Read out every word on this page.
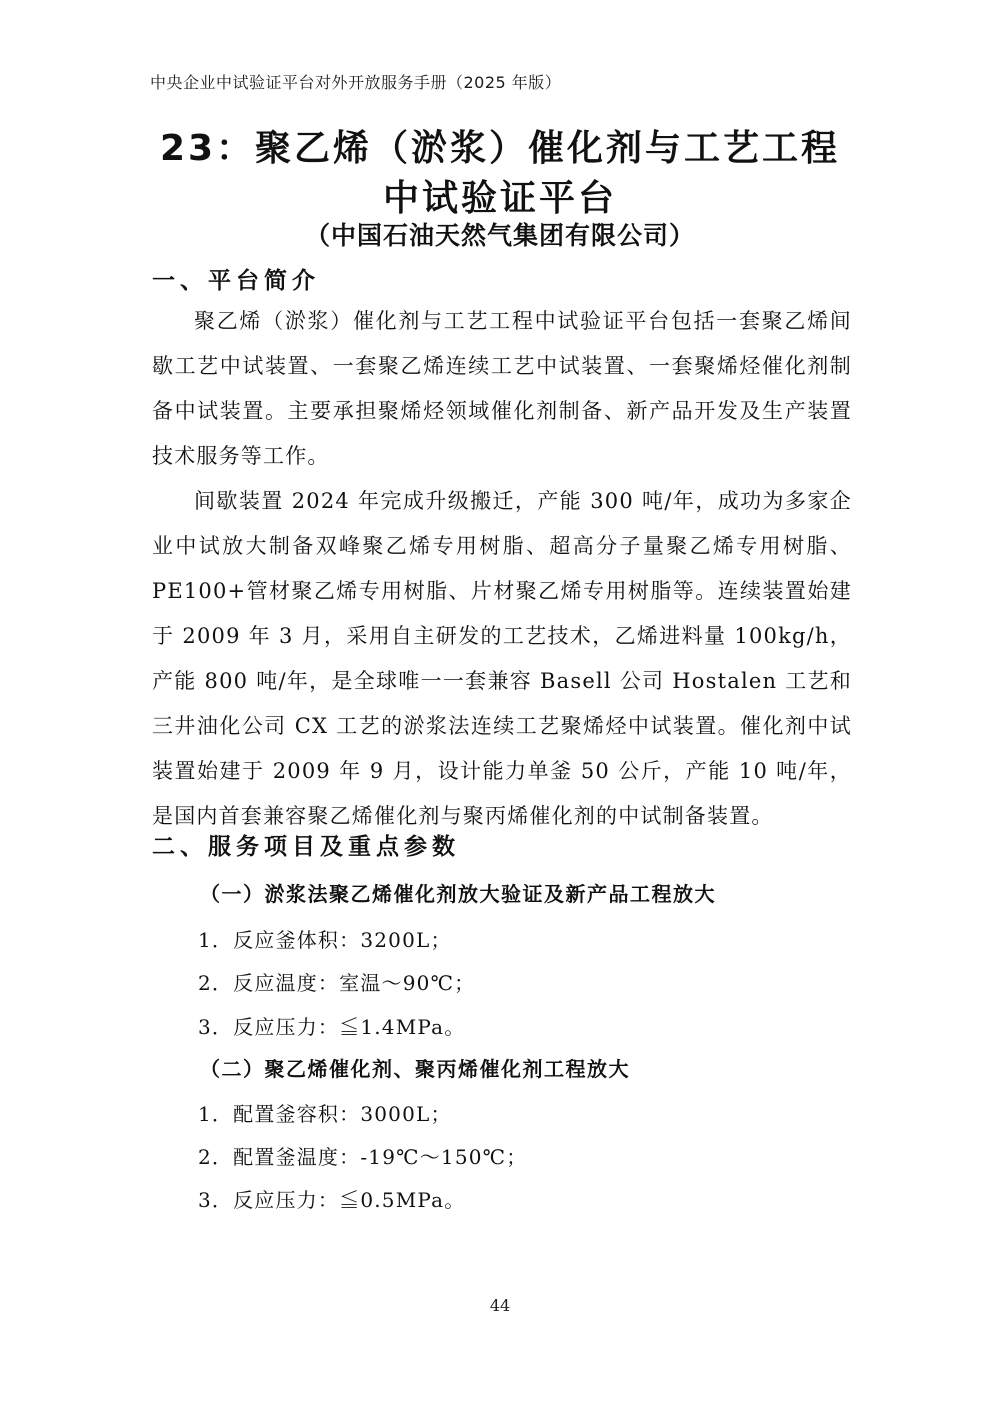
中央企业中试验证平台对外开放服务手册（2025 年版）
23：聚乙烯（淤浆）催化剂与工艺工程
中试验证平台
（中国石油天然气集团有限公司）
一、平台简介

聚乙烯（淤浆）催化剂与工艺工程中试验证平台包括一套聚乙烯间歇工艺中试装置、一套聚乙烯连续工艺中试装置、一套聚烯烃催化剂制备中试装置。主要承担聚烯烃领域催化剂制备、新产品开发及生产装置技术服务等工作。

间歇装置 2024 年完成升级搬迁，产能 300 吨/年，成功为多家企业中试放大制备双峰聚乙烯专用树脂、超高分子量聚乙烯专用树脂、PE100+管材聚乙烯专用树脂、片材聚乙烯专用树脂等。连续装置始建于 2009 年 3 月，采用自主研发的工艺技术，乙烯进料量 100kg/h，产能 800 吨/年，是全球唯一一套兼容 Basell 公司 Hostalen 工艺和三井油化公司 CX 工艺的淤浆法连续工艺聚烯烃中试装置。催化剂中试装置始建于 2009 年 9 月，设计能力单釜 50 公斤，产能 10 吨/年，是国内首套兼容聚乙烯催化剂与聚丙烯催化剂的中试制备装置。

二、服务项目及重点参数
（一）淤浆法聚乙烯催化剂放大验证及新产品工程放大
1．反应釜体积：3200L；
2．反应温度：室温～90℃；
3．反应压力：≦1.4MPa。
（二）聚乙烯催化剂、聚丙烯催化剂工程放大
1．配置釜容积：3000L；
2．配置釜温度：-19℃～150℃；
3．反应压力：≦0.5MPa。
44
